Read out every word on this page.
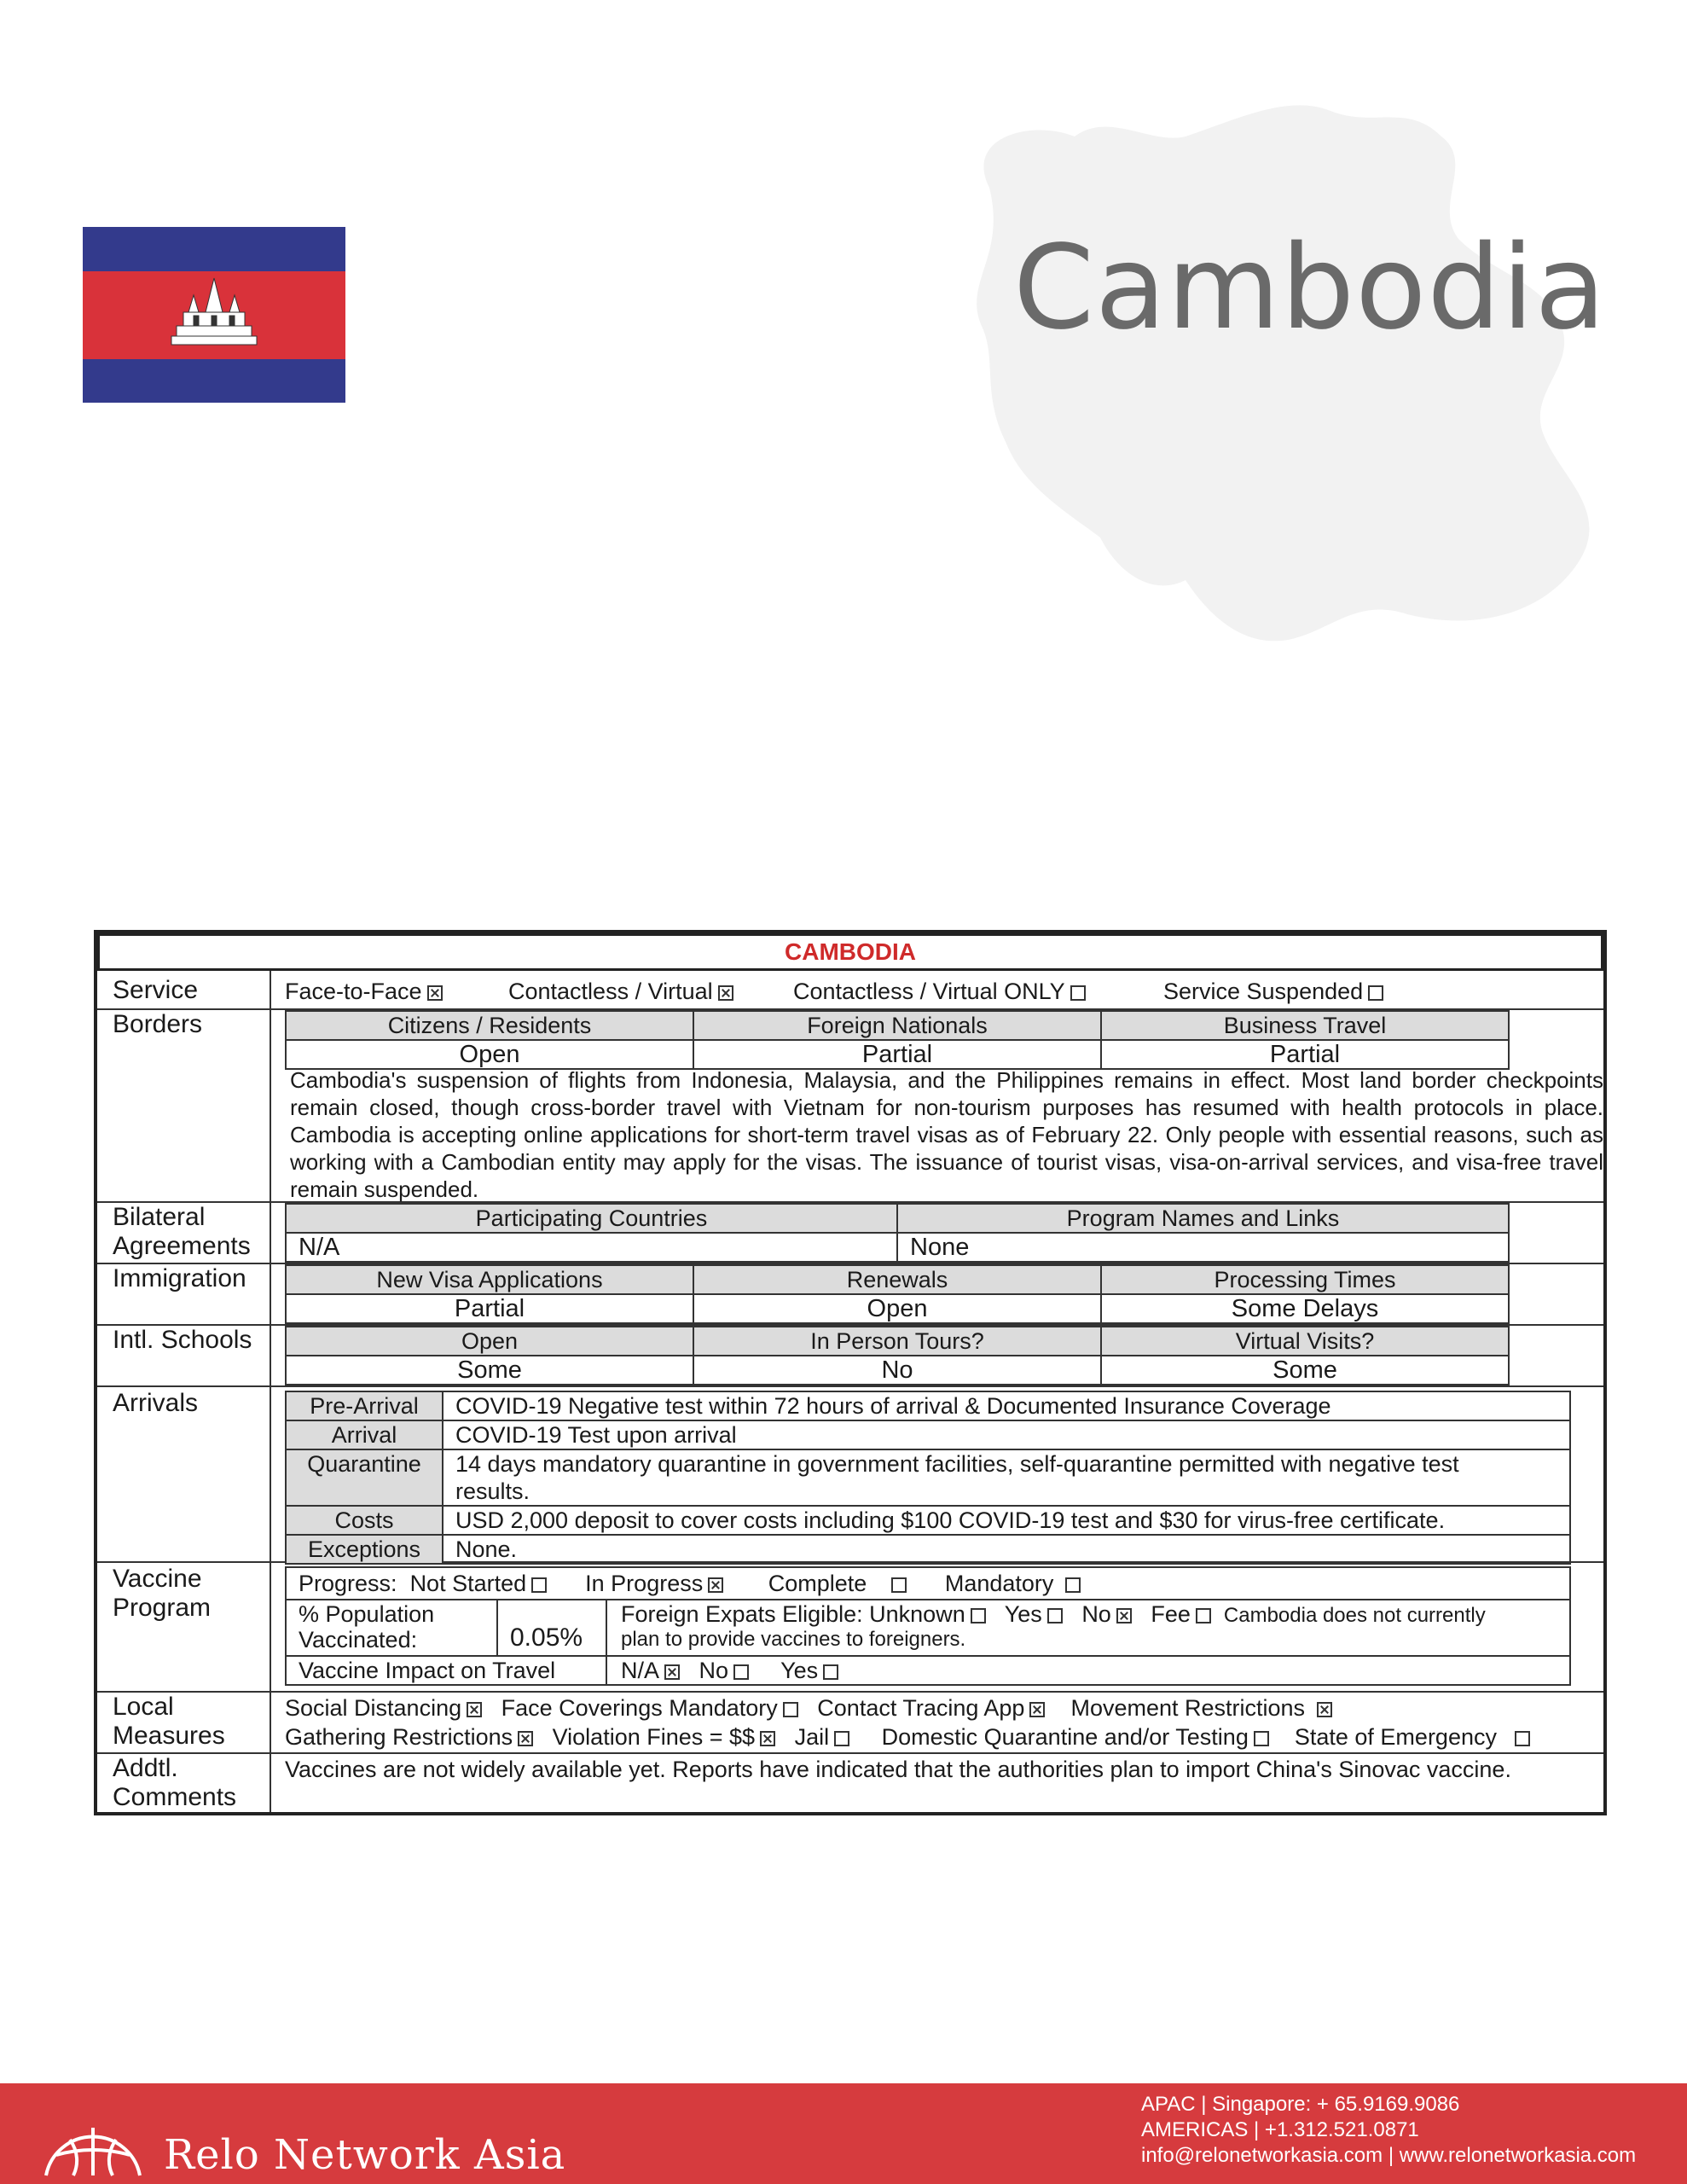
Cambodia
CAMBODIA
Service	Face-to-Face	Contactless / Virtual	Contactless / Virtual ONLY	Service Suspended
Borders	Citizens / Residents	Foreign Nationals	Business Travel
Open	Partial	Partial
Cambodia's suspension of flights from Indonesia, Malaysia, and the Philippines remains in effect. Most land border checkpoints remain closed, though cross-border travel with Vietnam for non-tourism purposes has resumed with health protocols in place. Cambodia is accepting online applications for short-term travel visas as of February 22. Only people with essential reasons, such as working with a Cambodian entity may apply for the visas. The issuance of tourist visas, visa-on-arrival services, and visa-free travel remain suspended.
Bilateral
Agreements
Participating Countries	Program Names and Links
N/A	None
Immigration	New Visa Applications	Renewals	Processing Times
Partial	Open	Some Delays
Intl. Schools	Open	In Person Tours?	Virtual Visits?
Some	No	Some
Arrivals	Pre-Arrival	COVID-19 Negative test within 72 hours of arrival & Documented Insurance Coverage
Arrival	COVID-19 Test upon arrival
Quarantine	14 days mandatory quarantine in government facilities, self-quarantine permitted with negative test
results.
Costs	USD 2,000 deposit to cover costs including $100 COVID-19 test and $30 for virus-free certificate.
Exceptions	None.
Vaccine
Program
Progress: Not Started	In Progress	Complete	Mandatory
% Population
Vaccinated:	0.05%
Foreign Expats Eligible: Unknown Yes No Fee Cambodia does not currently
plan to provide vaccines to foreigners.
Vaccine Impact on Travel	N/A No Yes
Local
Measures
Social Distancing Face Coverings Mandatory Contact Tracing App Movement Restrictions
Gathering Restrictions Violation Fines = $$ Jail Domestic Quarantine and/or Testing State of Emergency
Addtl.
Comments
Vaccines are not widely available yet. Reports have indicated that the authorities plan to import China's Sinovac vaccine.
Relo Network Asia
APAC | Singapore: + 65.9169.9086
AMERICAS | +1.312.521.0871
info@relonetworkasia.com | www.relonetworkasia.com
